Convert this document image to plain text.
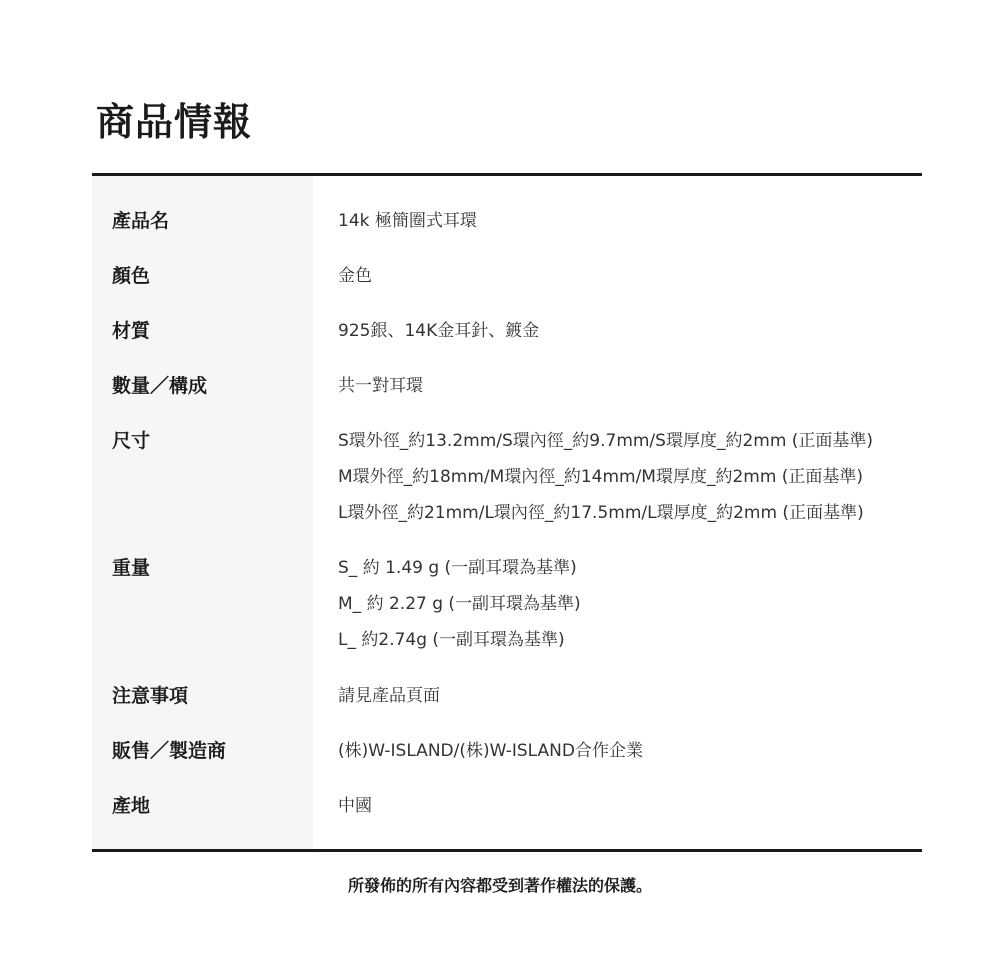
商品情報
產品名	14k 極簡圈式耳環
顏色	金色
材質	925銀、14K金耳針、鍍金
數量／構成	共一對耳環
尺寸	S環外徑_約13.2mm/S環內徑_約9.7mm/S環厚度_約2mm (正面基準)
M環外徑_約18mm/M環內徑_約14mm/M環厚度_約2mm (正面基準)
L環外徑_約21mm/L環內徑_約17.5mm/L環厚度_約2mm (正面基準)
重量	S_ 約 1.49 g (一副耳環為基準)
M_ 約 2.27 g (一副耳環為基準)
L_ 約2.74g (一副耳環為基準)
注意事項	請見產品頁面
販售／製造商	(株)W-ISLAND/(株)W-ISLAND合作企業
產地	中國
所發佈的所有內容都受到著作權法的保護。
